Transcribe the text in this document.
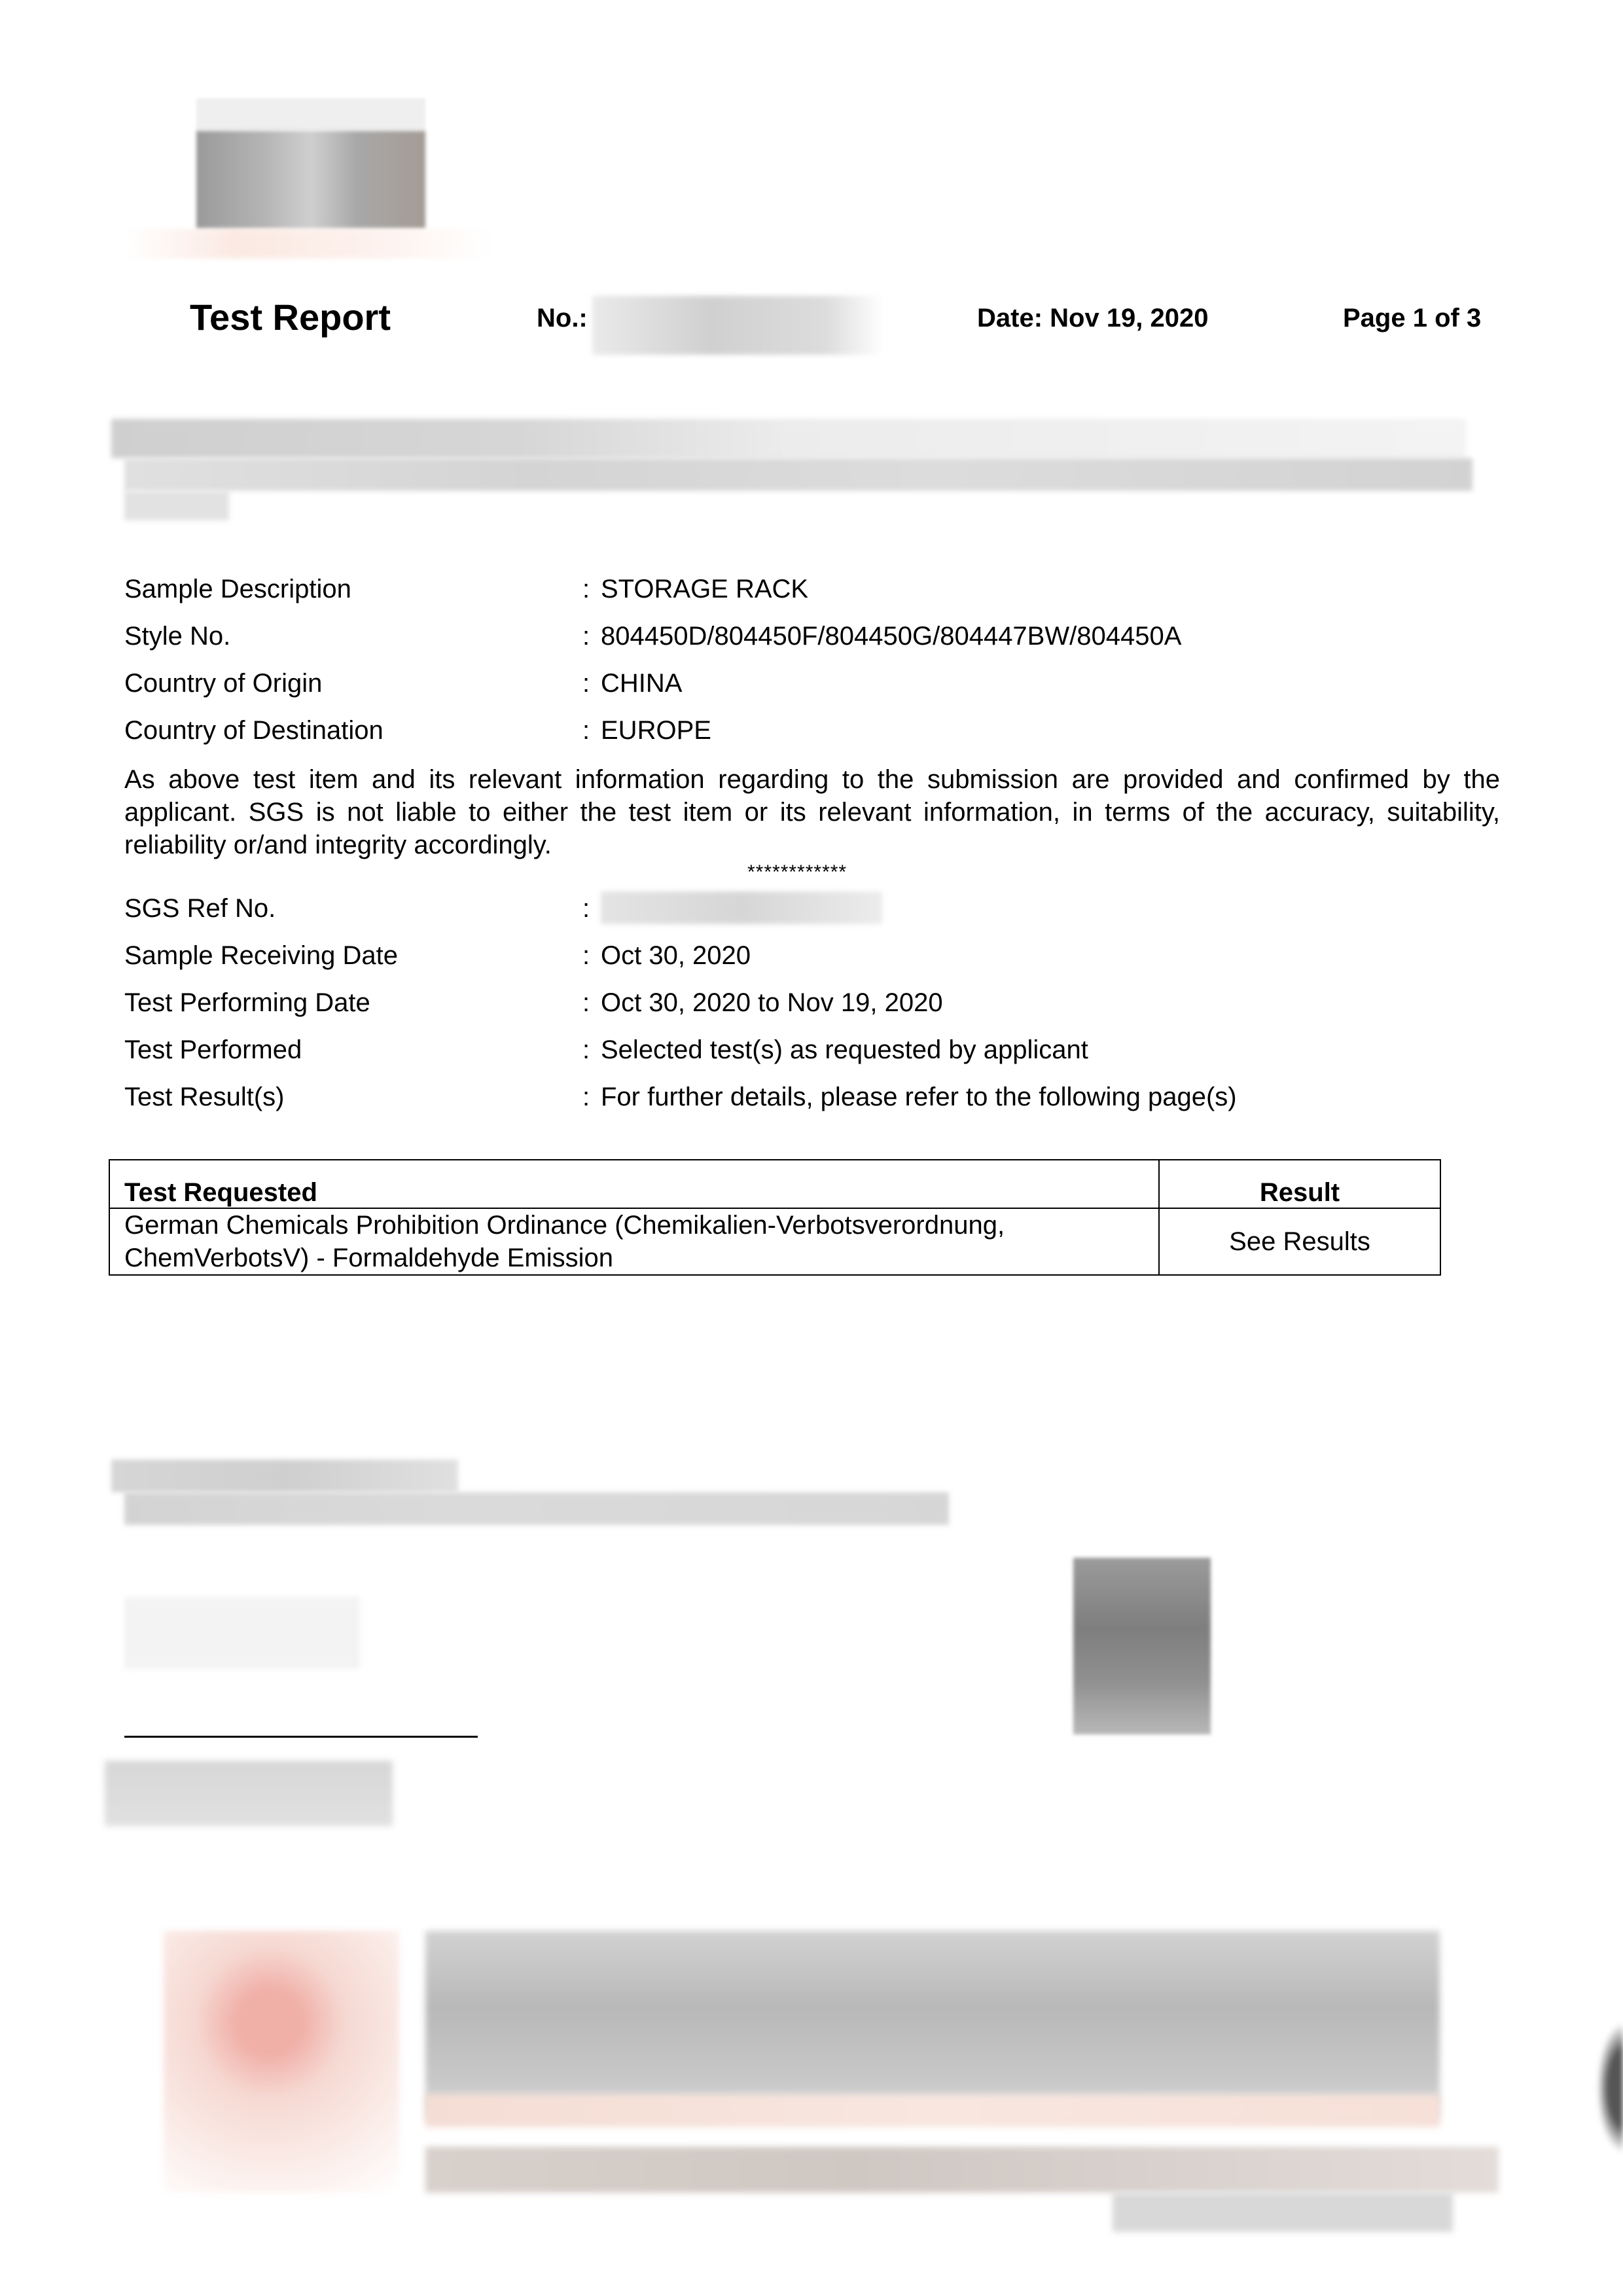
Test Report	No.:	Date: Nov 19, 2020	Page 1 of 3
Sample Description	: STORAGE RACK
Style No.	: 804450D/804450F/804450G/804447BW/804450A
Country of Origin	: CHINA
Country of Destination	: EUROPE
As above test item and its relevant information regarding to the submission are provided and confirmed by the applicant. SGS is not liable to either the test item or its relevant information, in terms of the accuracy, suitability, reliability or/and integrity accordingly.
************
SGS Ref No.	:
Sample Receiving Date	: Oct 30, 2020
Test Performing Date	: Oct 30, 2020 to Nov 19, 2020
Test Performed	: Selected test(s) as requested by applicant
Test Result(s)	: For further details, please refer to the following page(s)
Test Requested	Result

German Chemicals Prohibition Ordinance (Chemikalien-Verbotsverordnung,
ChemVerbotsV) - Formaldehyde Emission	See Results
